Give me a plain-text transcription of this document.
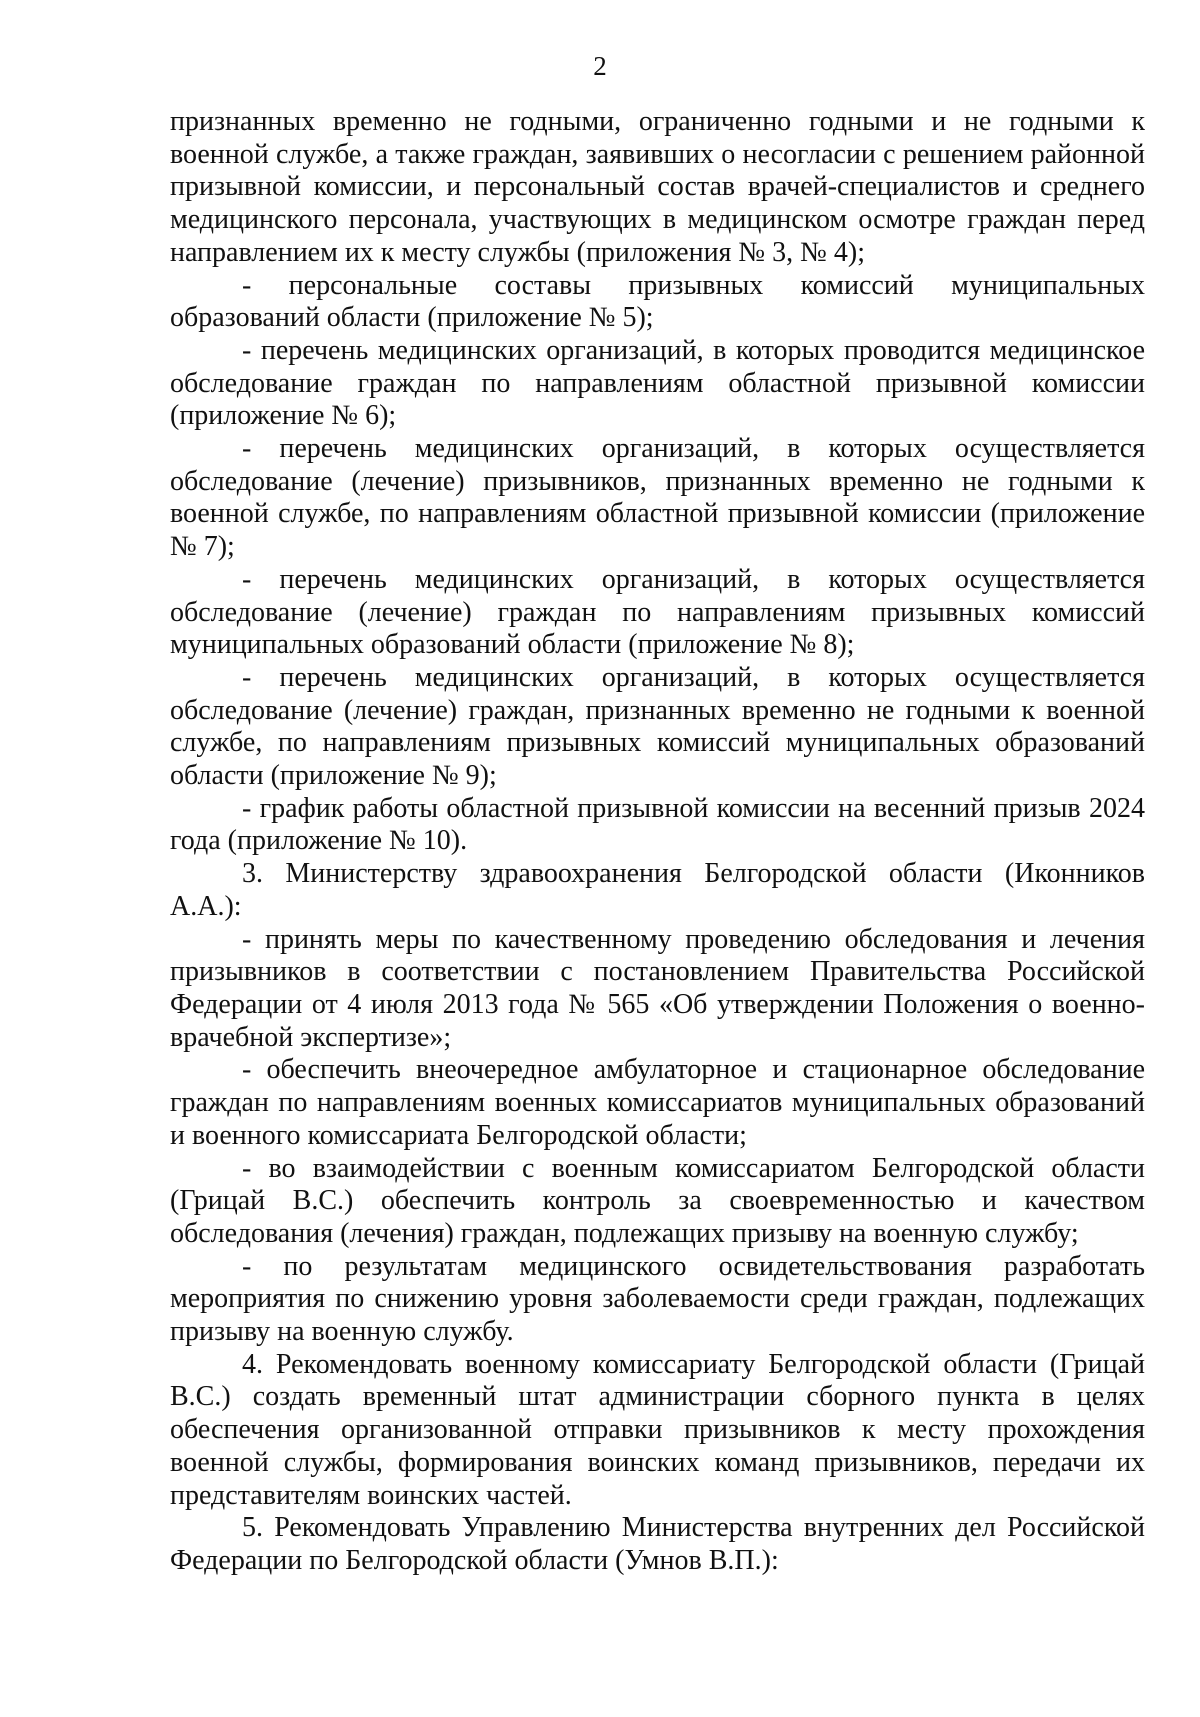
2

признанных временно не годными, ограниченно годными и не годными к военной службе, а также граждан, заявивших о несогласии с решением районной призывной комиссии, и персональный состав врачей-специалистов и среднего медицинского персонала, участвующих в медицинском осмотре граждан перед направлением их к месту службы (приложения № 3, № 4);

- персональные составы призывных комиссий муниципальных образований области (приложение № 5);

- перечень медицинских организаций, в которых проводится медицинское обследование граждан по направлениям областной призывной комиссии (приложение № 6);

- перечень медицинских организаций, в которых осуществляется обследование (лечение) призывников, признанных временно не годными к военной службе, по направлениям областной призывной комиссии (приложение № 7);

- перечень медицинских организаций, в которых осуществляется обследование (лечение) граждан по направлениям призывных комиссий муниципальных образований области (приложение № 8);

- перечень медицинских организаций, в которых осуществляется обследование (лечение) граждан, признанных временно не годными к военной службе, по направлениям призывных комиссий муниципальных образований области (приложение № 9);

- график работы областной призывной комиссии на весенний призыв 2024 года (приложение № 10).

3. Министерству здравоохранения Белгородской области (Иконников А.А.):

- принять меры по качественному проведению обследования и лечения призывников в соответствии с постановлением Правительства Российской Федерации от 4 июля 2013 года № 565 «Об утверждении Положения о военно-врачебной экспертизе»;

- обеспечить внеочередное амбулаторное и стационарное обследование граждан по направлениям военных комиссариатов муниципальных образований и военного комиссариата Белгородской области;

- во взаимодействии с военным комиссариатом Белгородской области (Грицай В.С.) обеспечить контроль за своевременностью и качеством обследования (лечения) граждан, подлежащих призыву на военную службу;

- по результатам медицинского освидетельствования разработать мероприятия по снижению уровня заболеваемости среди граждан, подлежащих призыву на военную службу.

4. Рекомендовать военному комиссариату Белгородской области (Грицай В.С.) создать временный штат администрации сборного пункта в целях обеспечения организованной отправки призывников к месту прохождения военной службы, формирования воинских команд призывников, передачи их представителям воинских частей.

5. Рекомендовать Управлению Министерства внутренних дел Российской Федерации по Белгородской области (Умнов В.П.):
